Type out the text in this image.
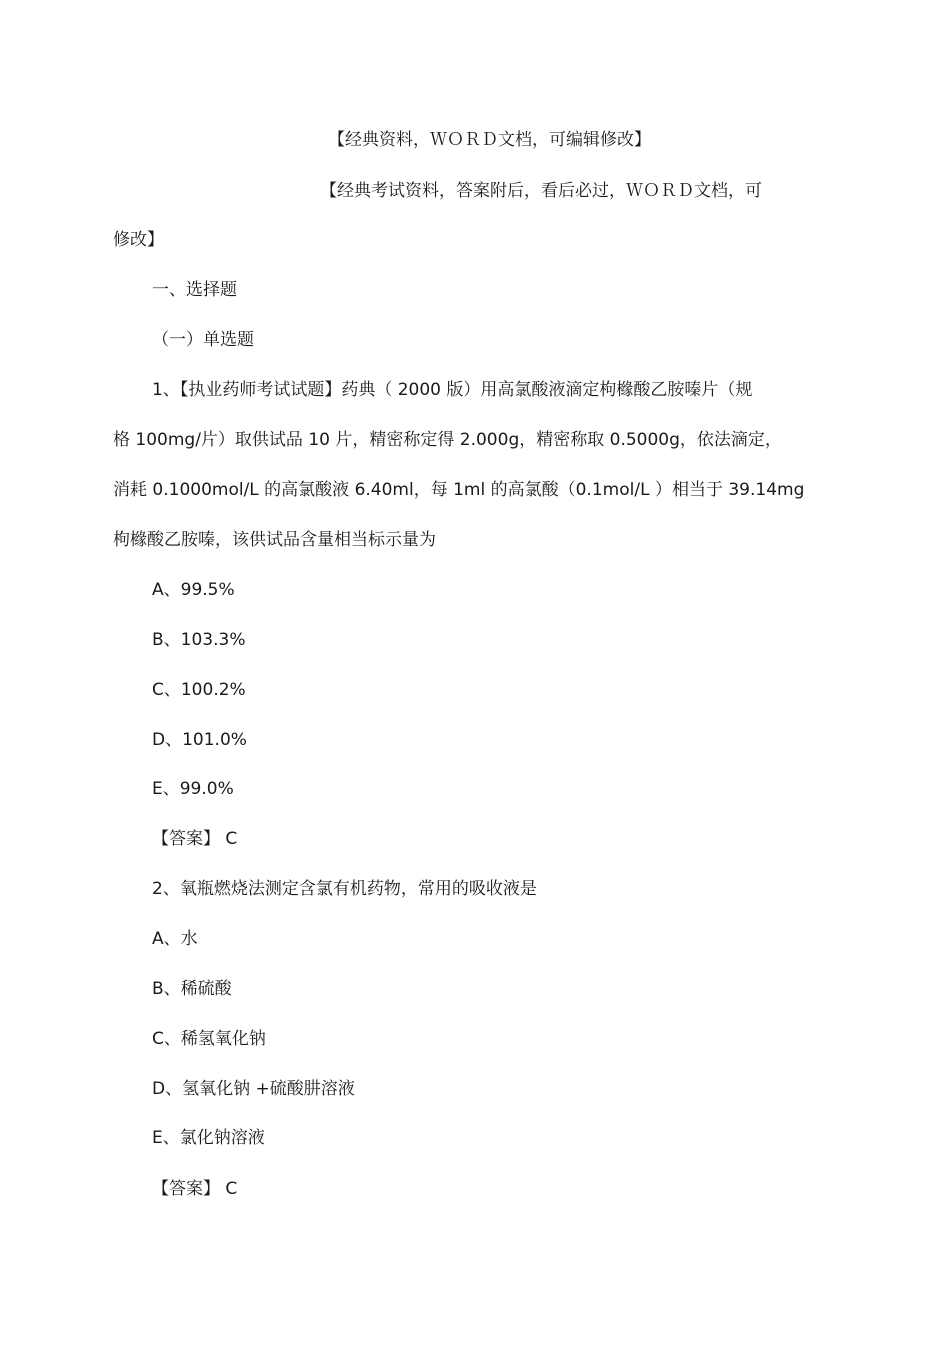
【经典资料，ＷＯＲＤ文档，可编辑修改】
【经典考试资料，答案附后，看后必过，ＷＯＲＤ文档，可
修改】
一、选择题
（一）单选题
1、【执业药师考试试题】药典（ 2000 版）用高氯酸液滴定枸橼酸乙胺嗪片（规
格 100mg/片）取供试品 10 片，精密称定得 2.000g，精密称取 0.5000g，依法滴定，
消耗 0.1000mol/L 的高氯酸液 6.40ml，每 1ml 的高氯酸（0.1mol/L ）相当于 39.14mg
枸橼酸乙胺嗪，该供试品含量相当标示量为
A、99.5%
B、103.3%
C、100.2%
D、101.0%
E、99.0%
【答案】 C
2、氧瓶燃烧法测定含氯有机药物，常用的吸收液是
A、水
B、稀硫酸
C、稀氢氧化钠
D、氢氧化钠 +硫酸肼溶液
E、氯化钠溶液
【答案】 C
